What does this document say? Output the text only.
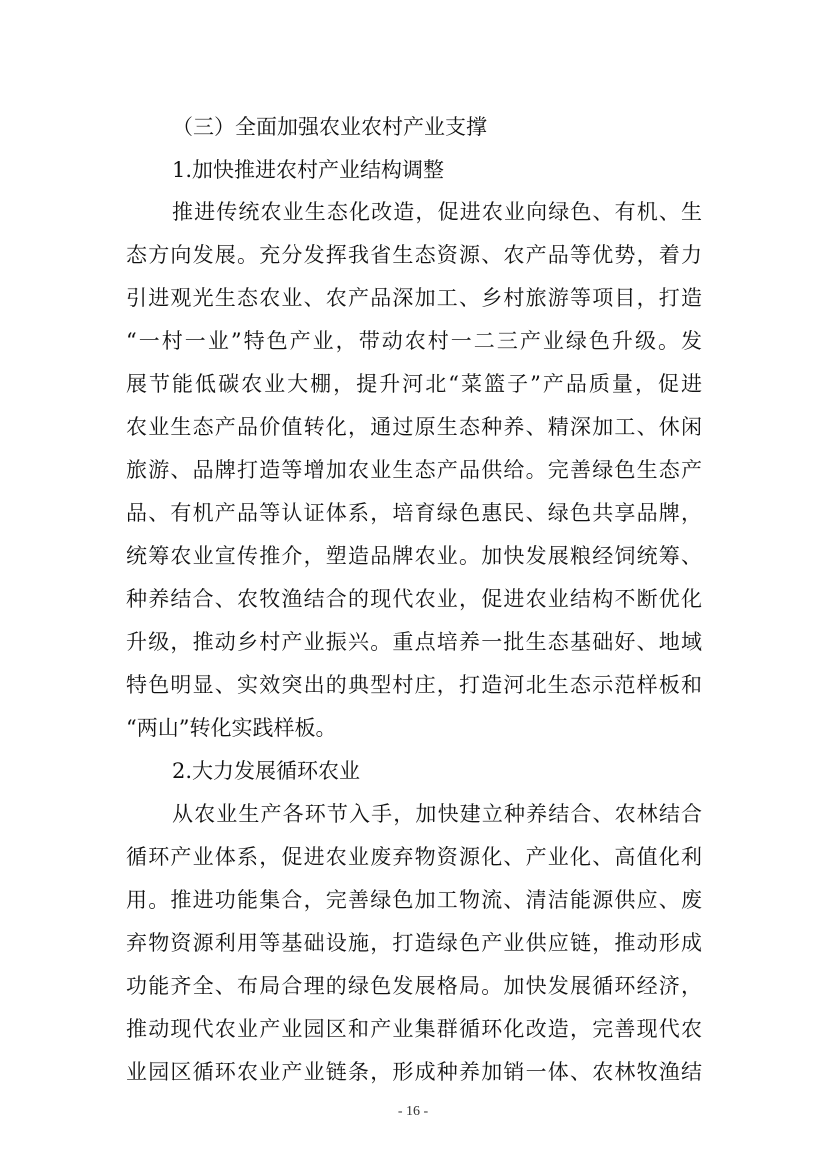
（三）全面加强农业农村产业支撑
1.加快推进农村产业结构调整
推进传统农业生态化改造，促进农业向绿色、有机、生
态方向发展。充分发挥我省生态资源、农产品等优势，着力
引进观光生态农业、农产品深加工、乡村旅游等项目，打造
“一村一业”特色产业，带动农村一二三产业绿色升级。发
展节能低碳农业大棚，提升河北“菜篮子”产品质量，促进
农业生态产品价值转化，通过原生态种养、精深加工、休闲
旅游、品牌打造等增加农业生态产品供给。完善绿色生态产
品、有机产品等认证体系，培育绿色惠民、绿色共享品牌，
统筹农业宣传推介，塑造品牌农业。加快发展粮经饲统筹、
种养结合、农牧渔结合的现代农业，促进农业结构不断优化
升级，推动乡村产业振兴。重点培养一批生态基础好、地域
特色明显、实效突出的典型村庄，打造河北生态示范样板和
“两山”转化实践样板。
2.大力发展循环农业
从农业生产各环节入手，加快建立种养结合、农林结合
循环产业体系，促进农业废弃物资源化、产业化、高值化利
用。推进功能集合，完善绿色加工物流、清洁能源供应、废
弃物资源利用等基础设施，打造绿色产业供应链，推动形成
功能齐全、布局合理的绿色发展格局。加快发展循环经济，
推动现代农业产业园区和产业集群循环化改造，完善现代农
业园区循环农业产业链条，形成种养加销一体、农林牧渔结
- 16 -
